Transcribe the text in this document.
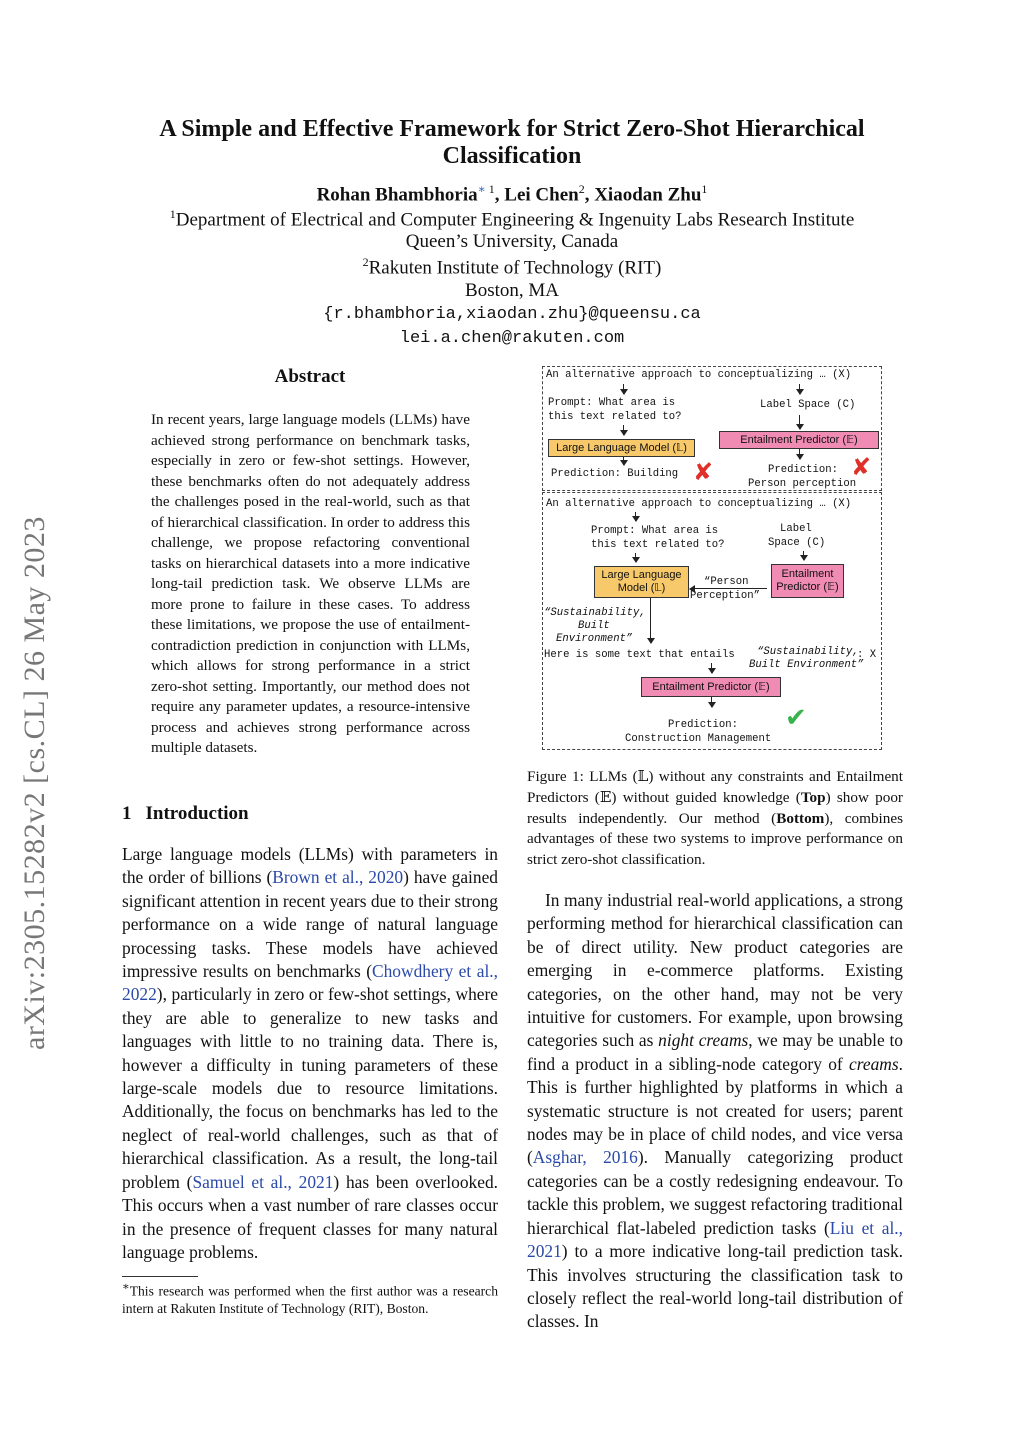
A Simple and Effective Framework for Strict Zero-Shot Hierarchical Classification
Rohan Bhambhoria$^{∗ 1}$, Lei Chen$^2$, Xiaodan Zhu$^1$
$^1$Department of Electrical and Computer Engineering & Ingenuity Labs Research Institute
Queen’s University, Canada
$^2$Rakuten Institute of Technology (RIT)
Boston, MA
{r.bhambhoria,xiaodan.zhu}@queensu.ca
lei.a.chen@rakuten.com
arXiv:2305.15282v2 [cs.CL] 26 May 2023
Abstract
In recent years, large language models (LLMs) have achieved strong performance on benchmark tasks, especially in zero or few-shot settings. However, these benchmarks often do not adequately address the challenges posed in the real-world, such as that of hierarchical classification. In order to address this challenge, we propose refactoring conventional tasks on hierarchical datasets into a more indicative long-tail prediction task. We observe LLMs are more prone to failure in these cases. To address these limitations, we propose the use of entailment-contradiction prediction in conjunction with LLMs, which allows for strong performance in a strict zero-shot setting. Importantly, our method does not require any parameter updates, a resource-intensive process and achieves strong performance across multiple datasets.
1 Introduction
Large language models (LLMs) with parameters in the order of billions (Brown et al., 2020) have gained significant attention in recent years due to their strong performance on a wide range of natural language processing tasks. These models have achieved impressive results on benchmarks (Chowdhery et al., 2022), particularly in zero or few-shot settings, where they are able to generalize to new tasks and languages with little to no training data. There is, however a difficulty in tuning parameters of these large-scale models due to resource limitations. Additionally, the focus on benchmarks has led to the neglect of real-world challenges, such as that of hierarchical classification. As a result, the long-tail problem (Samuel et al., 2021) has been overlooked. This occurs when a vast number of rare classes occur in the presence of frequent classes for many natural language problems.
∗This research was performed when the first author was a research intern at Rakuten Institute of Technology (RIT), Boston.
An alternative approach to conceptualizing … (X)
Prompt: What area is
this text related to?
Label Space (C)
Large Language Model (𝕃)
Entailment Predictor (𝔼)
Prediction: Building ✘	Prediction:
Person perception
✘
An alternative approach to conceptualizing … (X)
Prompt: What area is
this text related to?
Label
Space (C)
Large Language
Model (𝕃)
Entailment
Predictor (𝔼)
“Person
Perception”
“Sustainability,
Built
Environment”
Here is some text that entails “Sustainability,
Built Environment”
: X
Entailment Predictor (𝔼)
Prediction:
Construction Management
✔
Figure 1: LLMs (𝕃) without any constraints and Entailment Predictors (𝔼) without guided knowledge (Top) show poor results independently. Our method (Bottom), combines advantages of these two systems to improve performance on strict zero-shot classification.
In many industrial real-world applications, a strong performing method for hierarchical classification can be of direct utility. New product categories are emerging in e-commerce platforms. Existing categories, on the other hand, may not be very intuitive for customers. For example, upon browsing categories such as night creams, we may be unable to find a product in a sibling-node category of creams. This is further highlighted by platforms in which a systematic structure is not created for users; parent nodes may be in place of child nodes, and vice versa (Asghar, 2016). Manually categorizing product categories can be a costly redesigning endeavour. To tackle this problem, we suggest refactoring traditional hierarchical flat-labeled prediction tasks (Liu et al., 2021) to a more indicative long-tail prediction task. This involves structuring the classification task to closely reflect the real-world long-tail distribution of classes. In
